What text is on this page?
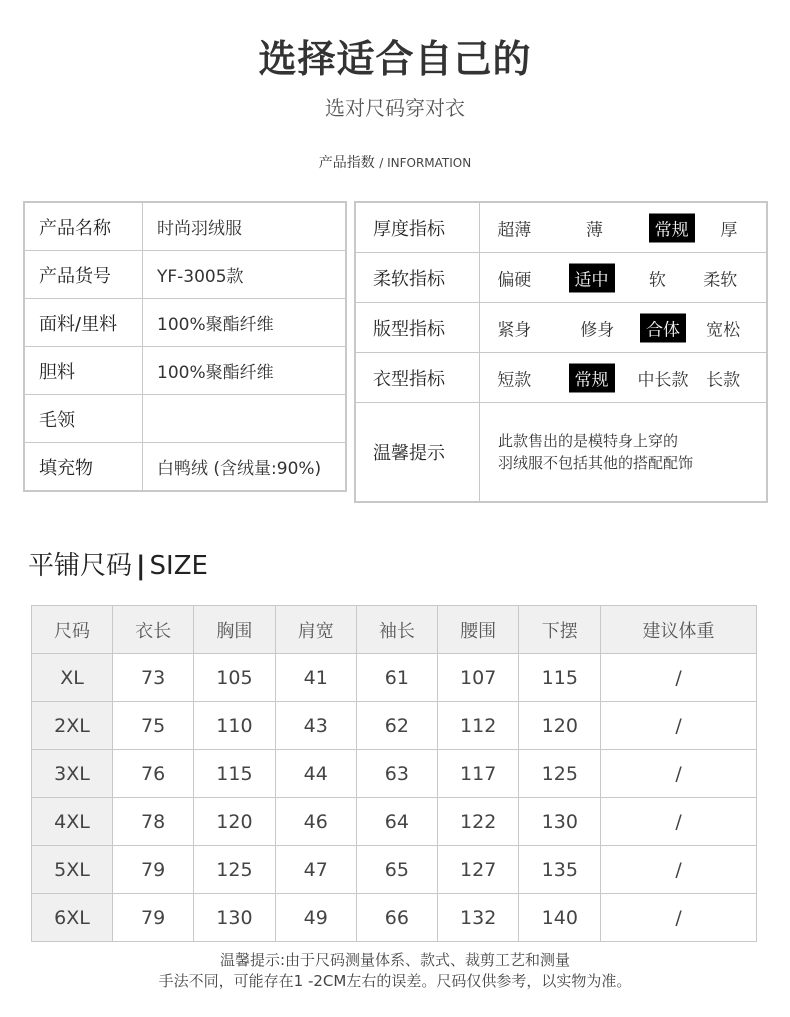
选择适合自己的
选对尺码穿对衣
产品指数 / INFORMATION
产品名称	时尚羽绒服
产品货号	YF-3005款
面料/里料	100%聚酯纤维
胆料	100%聚酯纤维
毛领	
填充物	白鸭绒 (含绒量:90%)
厚度指标	超薄 薄 常规 厚

柔软指标	偏硬 适中 软 柔软

版型指标	紧身 修身 合体 宽松

衣型指标	短款 常规 中长款 长款

温馨提示	此款售出的是模特身上穿的
羽绒服不包括其他的搭配配饰
平铺尺码 | SIZE
尺码	衣长	胸围	肩宽	袖长	腰围	下摆	建议体重
XL	73	105	41	61	107	115	/
2XL	75	110	43	62	112	120	/
3XL	76	115	44	63	117	125	/
4XL	78	120	46	64	122	130	/
5XL	79	125	47	65	127	135	/
6XL	79	130	49	66	132	140	/
温馨提示:由于尺码测量体系、款式、裁剪工艺和测量
手法不同，可能存在1 -2CM左右的误差。尺码仅供参考，以实物为准。
